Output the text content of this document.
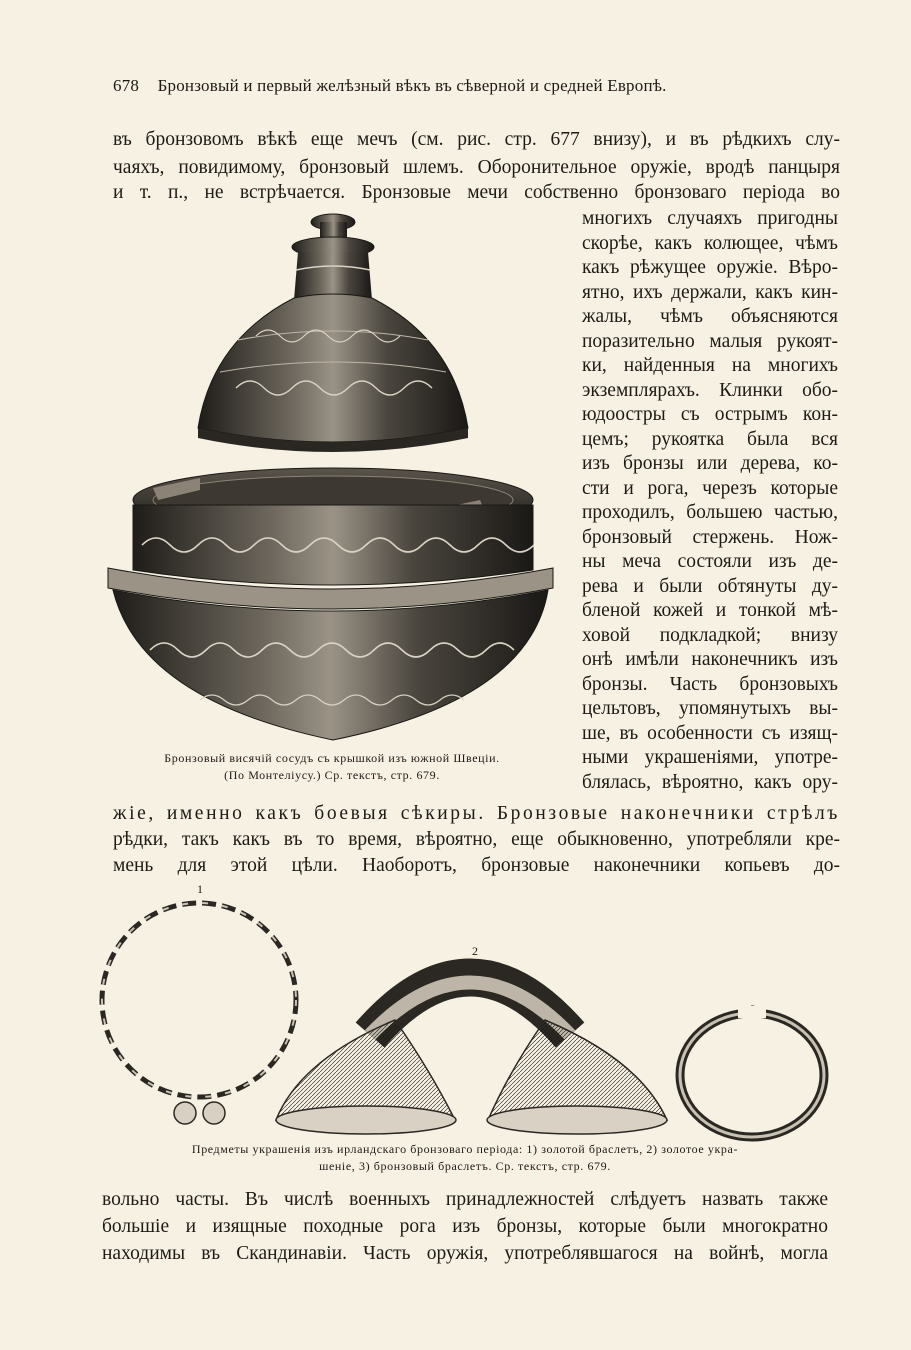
678 Бронзовый и первый желѣзный вѣкъ въ сѣверной и средней Европѣ.
въ бронзовомъ вѣкѣ еще мечъ (см. рис. стр. 677 внизу), и въ рѣдкихъ слу-
чаяхъ, повидимому, бронзовый шлемъ. Оборонительное оружіе, вродѣ панцыря
и т. п., не встрѣчается. Бронзовые мечи собственно бронзоваго періода во
многихъ случаяхъ пригодны
скорѣе, какъ колющее, чѣмъ
какъ рѣжущее оружіе. Вѣро-
ятно, ихъ держали, какъ кин-
жалы, чѣмъ объясняются
поразительно малыя рукоят-
ки, найденныя на многихъ
экземплярахъ. Клинки обо-
юдоостры съ острымъ кон-
цемъ; рукоятка была вся
изъ бронзы или дерева, ко-
сти и рога, черезъ которые
проходилъ, большею частью,
бронзовый стержень. Нож-
ны меча состояли изъ де-
рева и были обтянуты ду-
бленой кожей и тонкой мѣ-
ховой подкладкой; внизу
онѣ имѣли наконечникъ изъ
бронзы. Часть бронзовыхъ
цельтовъ, упомянутыхъ вы-
ше, въ особенности съ изящ-
ными украшеніями, употре-
блялась, вѣроятно, какъ ору-
Бронзовый висячій сосудъ съ крышкой изъ южной Швеціи.
(По Монтеліусу.) Ср. текстъ, стр. 679.
жіе, именно какъ боевыя сѣкиры. Бронзовые наконечники стрѣлъ
рѣдки, такъ какъ въ то время, вѣроятно, еще обыкновенно, употребляли кре-
мень для этой цѣли. Наоборотъ, бронзовые наконечники копьевъ до-
1
2
Предметы украшенія изъ ирландскаго бронзоваго періода: 1) золотой браслетъ, 2) золотое укра-
шеніе, 3) бронзовый браслетъ. Ср. текстъ, стр. 679.
вольно часты. Въ числѣ военныхъ принадлежностей слѣдуетъ назвать также
большіе и изящные походные рога изъ бронзы, которые были многократно
находимы въ Скандинавіи. Часть оружія, употреблявшагося на войнѣ, могла
